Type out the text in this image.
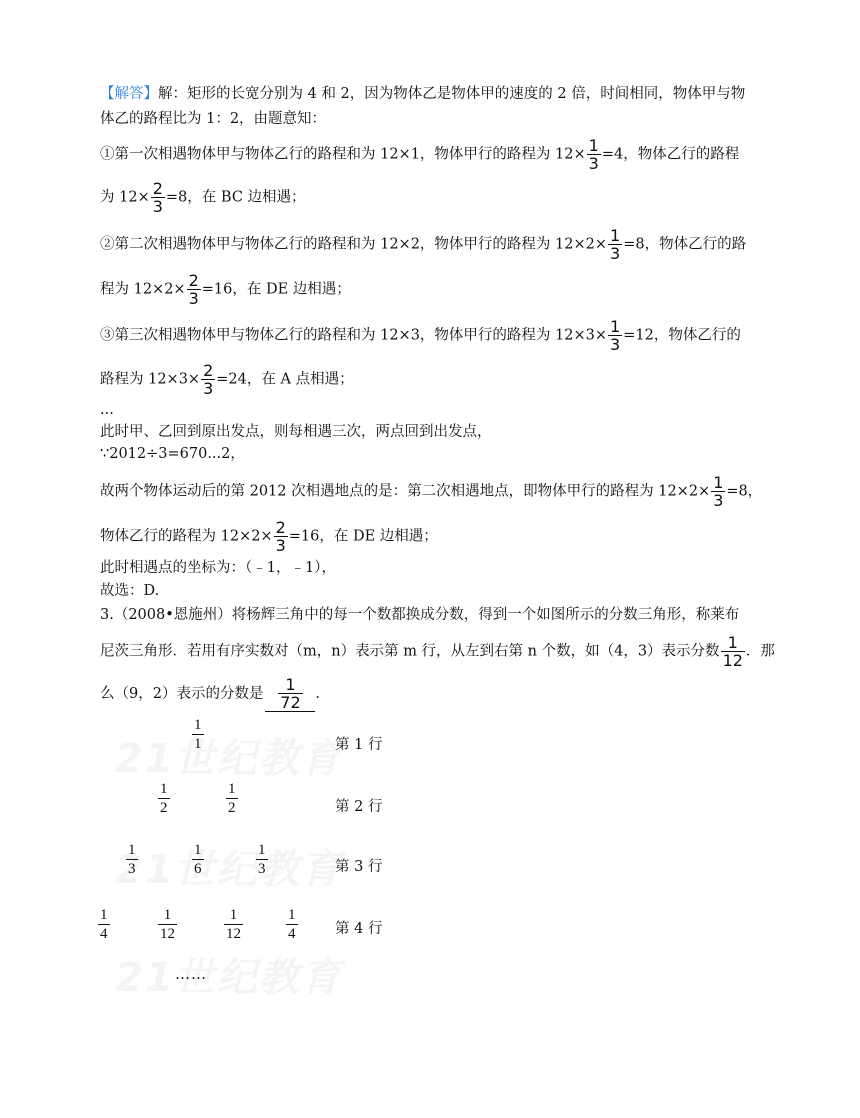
【解答】解：矩形的长宽分别为 4 和 2，因为物体乙是物体甲的速度的 2 倍，时间相同，物体甲与物
体乙的路程比为 1：2，由题意知：
①第一次相遇物体甲与物体乙行的路程和为 12×1，物体甲行的路程为 $12\times \frac{1}{3} =4$，物体乙行的路程
为 $12\times \frac{2}{3} =8$，在 BC 边相遇；
②第二次相遇物体甲与物体乙行的路程和为 12×2，物体甲行的路程为 $12\times 2\times \frac{1}{3} =8$，物体乙行的路
程为 $12\times 2\times \frac{2}{3} =16$，在 DE 边相遇；
③第三次相遇物体甲与物体乙行的路程和为 12×3，物体甲行的路程为 $12\times 3\times \frac{1}{3} =12$，物体乙行的
路程为 $12\times 3\times \frac{2}{3} =24$，在 A 点相遇；
...
此时甲、乙回到原出发点，则每相遇三次，两点回到出发点，
∵2012÷3=670...2，
故两个物体运动后的第 2012 次相遇地点的是：第二次相遇地点，即物体甲行的路程为 $12\times 2\times \frac{1}{3} =8$，
物体乙行的路程为 $12\times 2\times \frac{2}{3} =16$，在 DE 边相遇；
此时相遇点的坐标为：（﹣1，﹣1），
故选：D.
3.（2008•恩施州）将杨辉三角中的每一个数都换成分数，得到一个如图所示的分数三角形，称莱布
尼茨三角形．若用有序实数对（m，n）表示第 m 行，从左到右第 n 个数，如（4，3）表示分数 $\frac{1}{12}$ ．那
么（9，2）表示的分数是 $\frac{1}{72}$ ．
$\frac{1}{1}$	第 1 行
$\frac{1}{2}$	$\frac{1}{2}$	第 2 行
$\frac{1}{3}$	$\frac{1}{6}$	$\frac{1}{3}$	第 3 行
$\frac{1}{4}$	$\frac{1}{12}$	$\frac{1}{12}$	$\frac{1}{4}$	第 4 行
……
